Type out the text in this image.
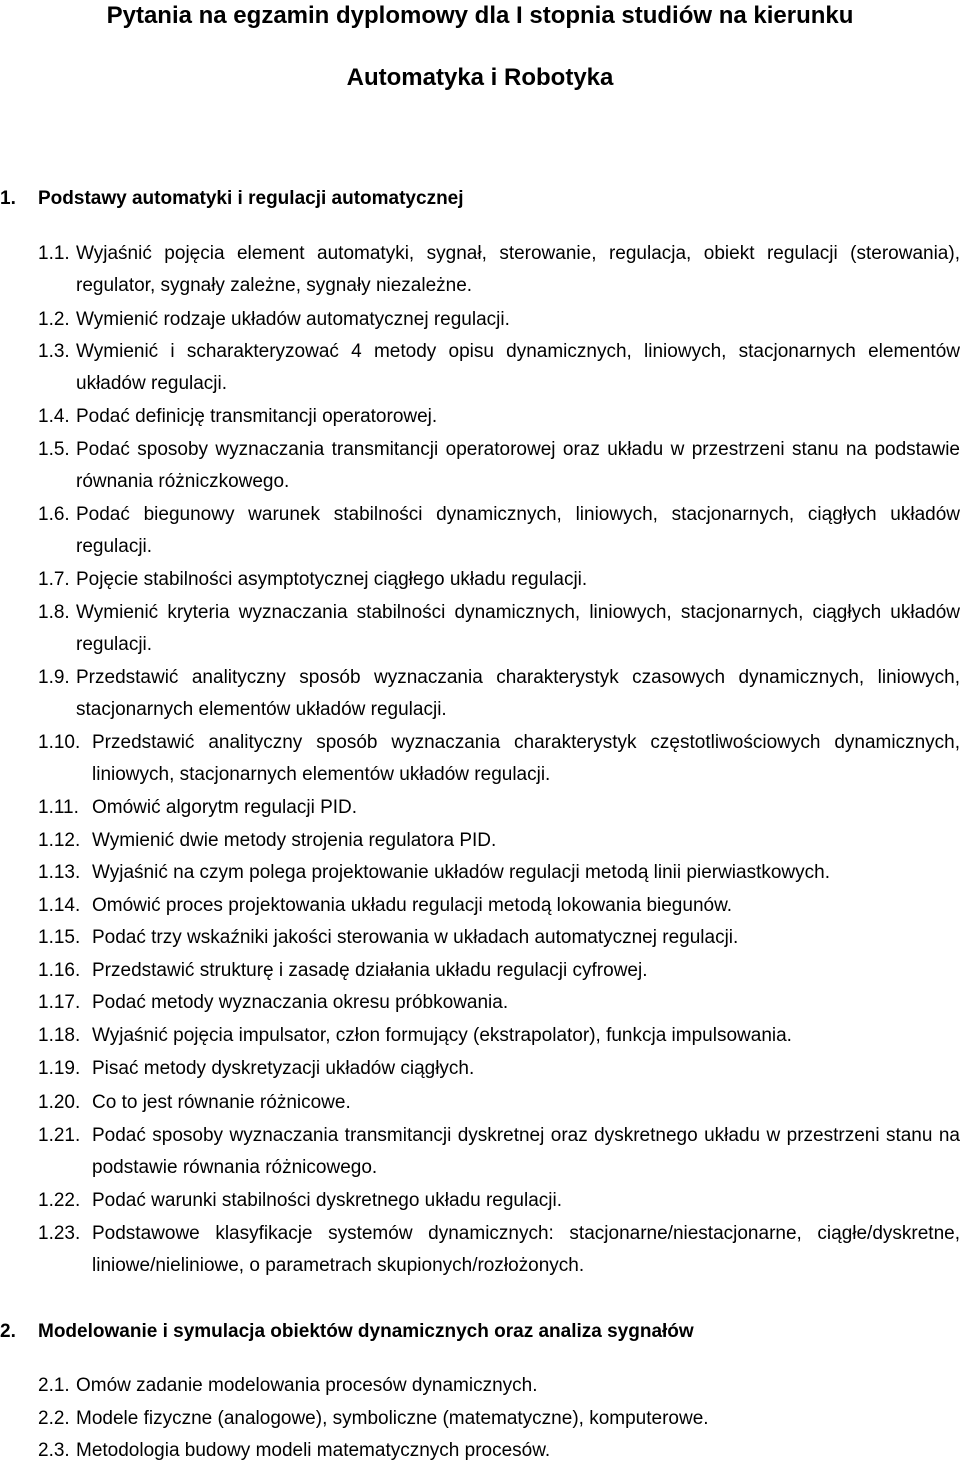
Pytania na egzamin dyplomowy dla I stopnia studiów na kierunku
Automatyka i Robotyka
1. Podstawy automatyki i regulacji automatycznej
1.1. Wyjaśnić pojęcia element automatyki, sygnał, sterowanie, regulacja, obiekt regulacji (sterowania), regulator, sygnały zależne, sygnały niezależne.
1.2. Wymienić rodzaje układów automatycznej regulacji.
1.3. Wymienić i scharakteryzować 4 metody opisu dynamicznych, liniowych, stacjonarnych elementów układów regulacji.
1.4. Podać definicję transmitancji operatorowej.
1.5. Podać sposoby wyznaczania transmitancji operatorowej oraz układu w przestrzeni stanu na podstawie równania różniczkowego.
1.6. Podać biegunowy warunek stabilności dynamicznych, liniowych, stacjonarnych, ciągłych układów regulacji.
1.7. Pojęcie stabilności asymptotycznej ciągłego układu regulacji.
1.8. Wymienić kryteria wyznaczania stabilności dynamicznych, liniowych, stacjonarnych, ciągłych układów regulacji.
1.9. Przedstawić analityczny sposób wyznaczania charakterystyk czasowych dynamicznych, liniowych, stacjonarnych elementów układów regulacji.
1.10. Przedstawić analityczny sposób wyznaczania charakterystyk częstotliwościowych dynamicznych, liniowych, stacjonarnych elementów układów regulacji.
1.11. Omówić algorytm regulacji PID.
1.12. Wymienić dwie metody strojenia regulatora PID.
1.13. Wyjaśnić na czym polega projektowanie układów regulacji metodą linii pierwiastkowych.
1.14. Omówić proces projektowania układu regulacji metodą lokowania biegunów.
1.15. Podać trzy wskaźniki jakości sterowania w układach automatycznej regulacji.
1.16. Przedstawić strukturę i zasadę działania układu regulacji cyfrowej.
1.17. Podać metody wyznaczania okresu próbkowania.
1.18. Wyjaśnić pojęcia impulsator, człon formujący (ekstrapolator), funkcja impulsowania.
1.19. Pisać metody dyskretyzacji układów ciągłych.
1.20. Co to jest równanie różnicowe.
1.21. Podać sposoby wyznaczania transmitancji dyskretnej oraz dyskretnego układu w przestrzeni stanu na podstawie równania różnicowego.
1.22. Podać warunki stabilności dyskretnego układu regulacji.
1.23. Podstawowe klasyfikacje systemów dynamicznych: stacjonarne/niestacjonarne, ciągłe/dyskretne, liniowe/nieliniowe, o parametrach skupionych/rozłożonych.
2. Modelowanie i symulacja obiektów dynamicznych oraz analiza sygnałów
2.1. Omów zadanie modelowania procesów dynamicznych.
2.2. Modele fizyczne (analogowe), symboliczne (matematyczne), komputerowe.
2.3. Metodologia budowy modeli matematycznych procesów.
